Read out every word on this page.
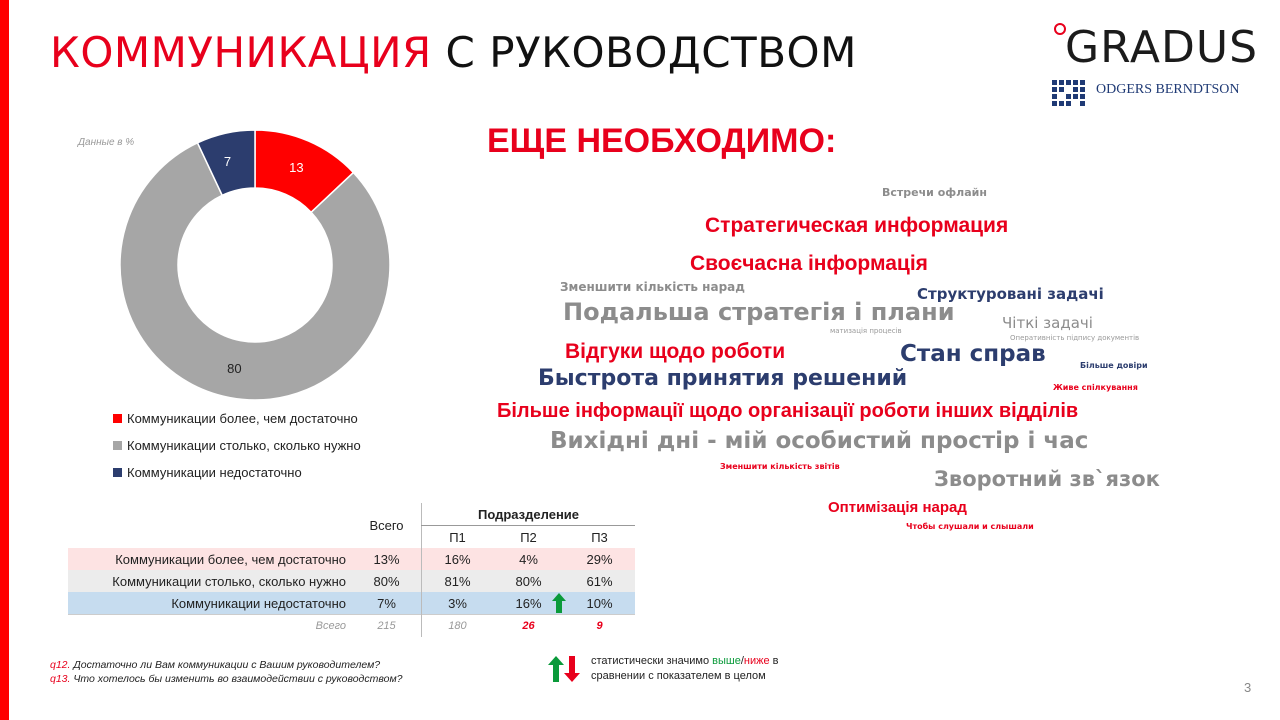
КОММУНИКАЦИЯ С РУКОВОДСТВОМ	GRADUS
ODGERS BERNDTSON
Данные в %
13
80
7
Коммуникации более, чем достаточно
Коммуникации столько, сколько нужно
Коммуникации недостаточно
ЕЩЕ НЕОБХОДИМО:
Встречи офлайн
Стратегическая информация
Своєчасна інформація
Зменшити кількість нарад
Подальша стратегія і плани
Структуровані задачі
Чіткі задачі
матизація процесів
Оперативність підпису документів
Відгуки щодо роботи	Стан справ	Більше довіри
Быстрота принятия решений	Живе спілкування
Більше інформації щодо організації роботи інших відділів
Вихідні дні - мій особистий простір і час
Зменшити кількість звітів
Зворотний зв`язок
Оптимізація нарад
Чтобы слушали и слышали
	Всего	Подразделение		
		П1	П2	П3
Коммуникации более, чем достаточно	13%	16%	4%	29%
Коммуникации столько, сколько нужно	80%	81%	80%	61%
Коммуникации недостаточно	7%	3%	16%	10%
Всего	215	180	26	9
q12. Достаточно ли Вам коммуникации с Вашим руководителем?
q13. Что хотелось бы изменить во взаимодействии с руководством?
статистически значимо выше/ниже в
сравнении с показателем в целом
3
